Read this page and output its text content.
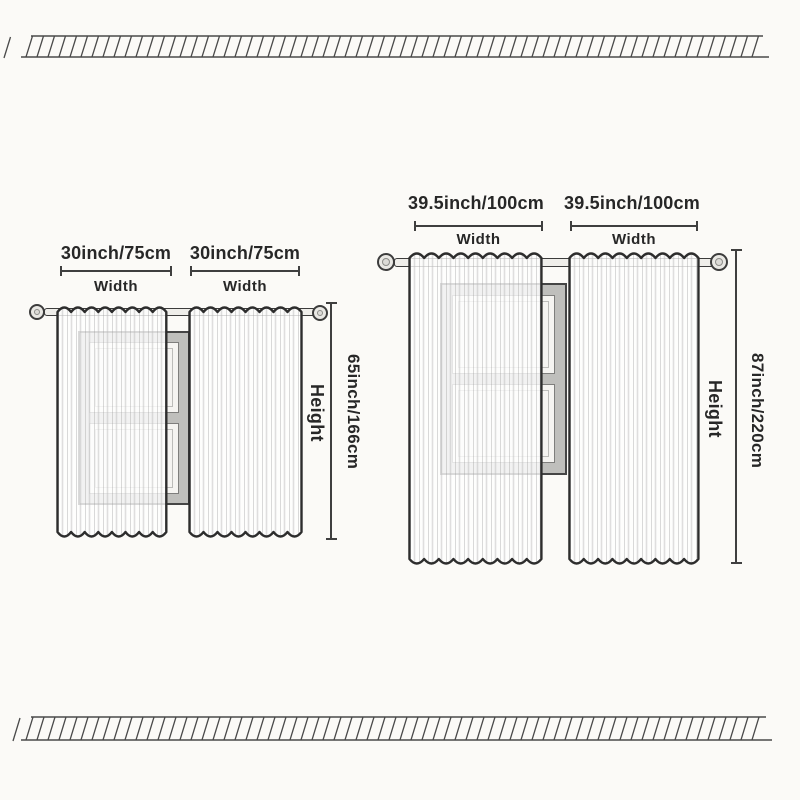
30inch/75cm	30inch/75cm
Width	Width
Height 65inch/166cm
39.5inch/100cm 39.5inch/100cm
Width	Width
Height 87inch/220cm
